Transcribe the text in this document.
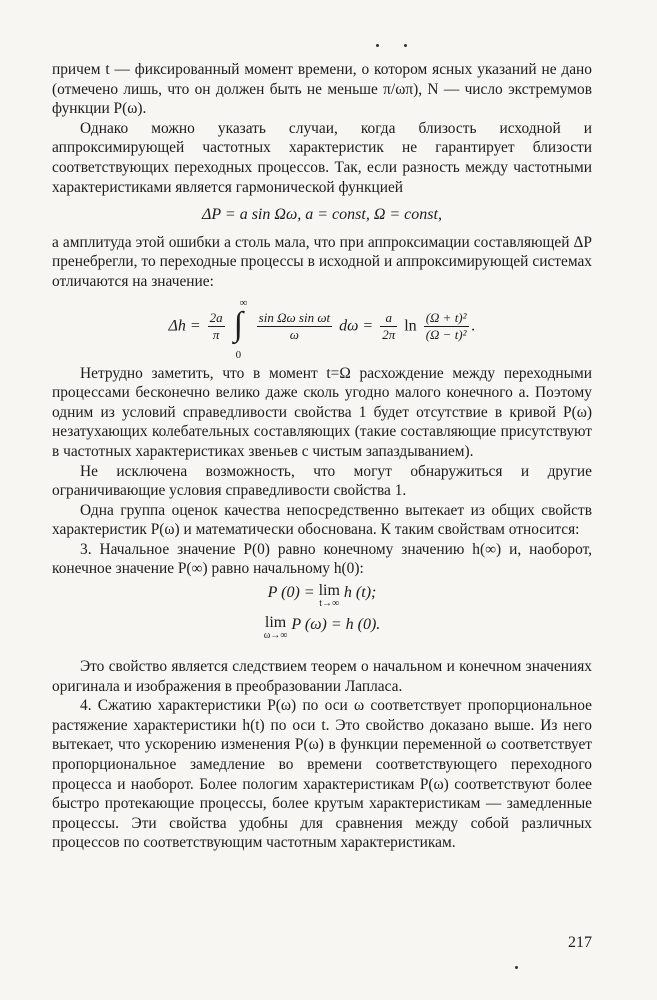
причем t — фиксированный момент времени, о котором ясных указаний не дано (отмечено лишь, что он должен быть не меньше π/ωπ), N — число экстремумов функции P(ω).

Однако можно указать случаи, когда близость исходной и аппроксимирующей частотных характеристик не гарантирует близости соответствующих переходных процессов. Так, если разность между частотными характеристиками является гармонической функцией

ΔP = a sin Ωω, a = const, Ω = const,

а амплитуда этой ошибки a столь мала, что при аппроксимации составляющей ΔP пренебрегли, то переходные процессы в исходной и аппроксимирующей системах отличаются на значение:

$\Delta h = \frac{2a}{\pi}$

∞
∫
0

$\frac{\text{sin Ωω sin ωt}}{\omega}$ $d\omega = \frac{a}{2\pi}$ $\ln \frac{\text{(Ω + t)²}}{\text{(Ω − t)²}}$ .

Нетрудно заметить, что в момент t=Ω расхождение между переходными процессами бесконечно велико даже сколь угодно малого конечного a. Поэтому одним из условий справедливости свойства 1 будет отсутствие в кривой P(ω) незатухающих колебательных составляющих (такие составляющие присутствуют в частотных характеристиках звеньев с чистым запаздыванием).

Не исключена возможность, что могут обнаружиться и другие ограничивающие условия справедливости свойства 1.

Одна группа оценок качества непосредственно вытекает из общих свойств характеристик P(ω) и математически обоснована. К таким свойствам относится:

3. Начальное значение P(0) равно конечному значению h(∞) и, наоборот, конечное значение P(∞) равно начальному h(0):

P (0) = lim
t→∞
h (t);
lim
ω→∞
P (ω) = h (0).

Это свойство является следствием теорем о начальном и конечном значениях оригинала и изображения в преобразовании Лапласа.

4. Сжатию характеристики P(ω) по оси ω соответствует пропорциональное растяжение характеристики h(t) по оси t. Это свойство доказано выше. Из него вытекает, что ускорению изменения P(ω) в функции переменной ω соответствует пропорциональное замедление во времени соответствующего переходного процесса и наоборот. Более пологим характеристикам P(ω) соответствуют более быстро протекающие процессы, более крутым характеристикам — замедленные процессы. Эти свойства удобны для сравнения между собой различных процессов по соответствующим частотным характеристикам.

217
